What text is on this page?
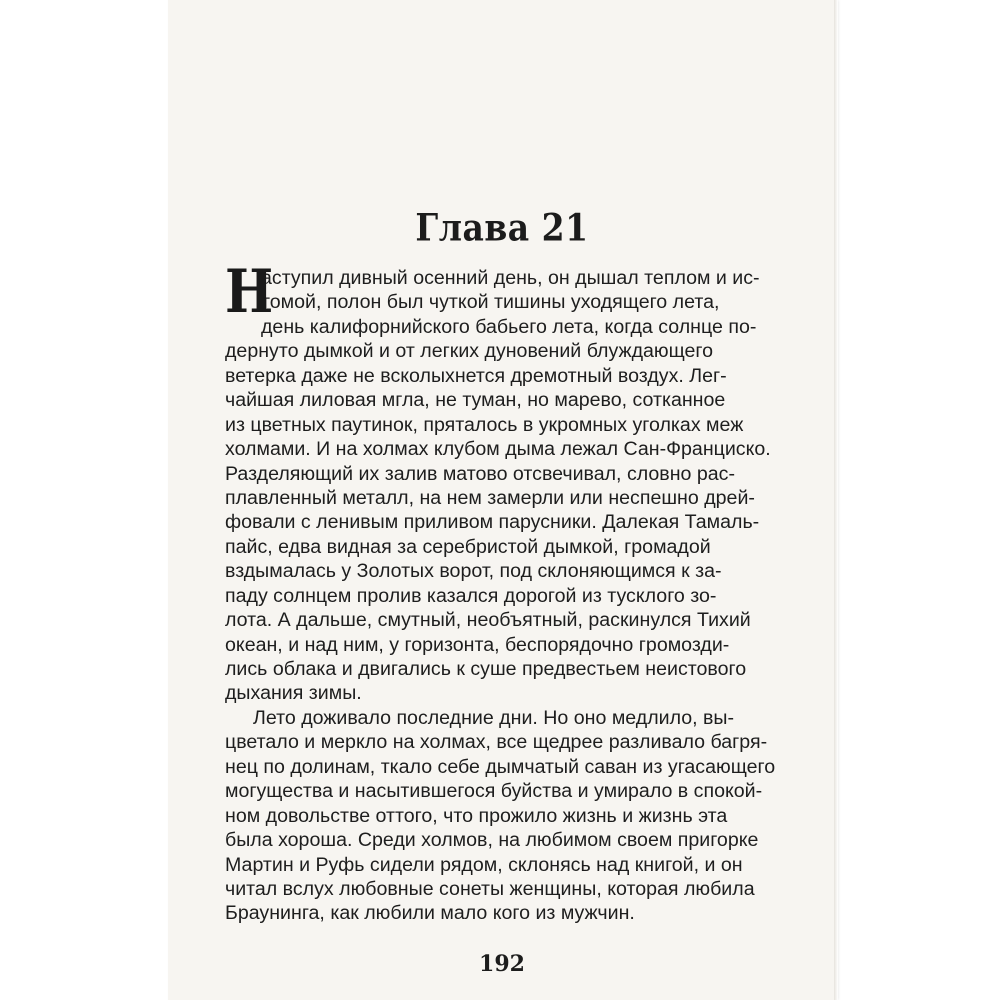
Глава 21
Н
аступил дивный осенний день, он дышал теплом и ис-
томой, полон был чуткой тишины уходящего лета,
день калифорнийского бабьего лета, когда солнце по-
дернуто дымкой и от легких дуновений блуждающего
ветерка даже не всколыхнется дремотный воздух. Лег-
чайшая лиловая мгла, не туман, но марево, сотканное
из цветных паутинок, пряталось в укромных уголках меж
холмами. И на холмах клубом дыма лежал Сан-Франциско.
Разделяющий их залив матово отсвечивал, словно рас-
плавленный металл, на нем замерли или неспешно дрей-
фовали с ленивым приливом парусники. Далекая Тамаль-
пайс, едва видная за серебристой дымкой, громадой
вздымалась у Золотых ворот, под склоняющимся к за-
паду солнцем пролив казался дорогой из тусклого зо-
лота. А дальше, смутный, необъятный, раскинулся Тихий
океан, и над ним, у горизонта, беспорядочно громозди-
лись облака и двигались к суше предвестьем неистового
дыхания зимы.
Лето доживало последние дни. Но оно медлило, вы-
цветало и меркло на холмах, все щедрее разливало багря-
нец по долинам, ткало себе дымчатый саван из угасающего
могущества и насытившегося буйства и умирало в спокой-
ном довольстве оттого, что прожило жизнь и жизнь эта
была хороша. Среди холмов, на любимом своем пригорке
Мартин и Руфь сидели рядом, склонясь над книгой, и он
читал вслух любовные сонеты женщины, которая любила
Браунинга, как любили мало кого из мужчин.
192
